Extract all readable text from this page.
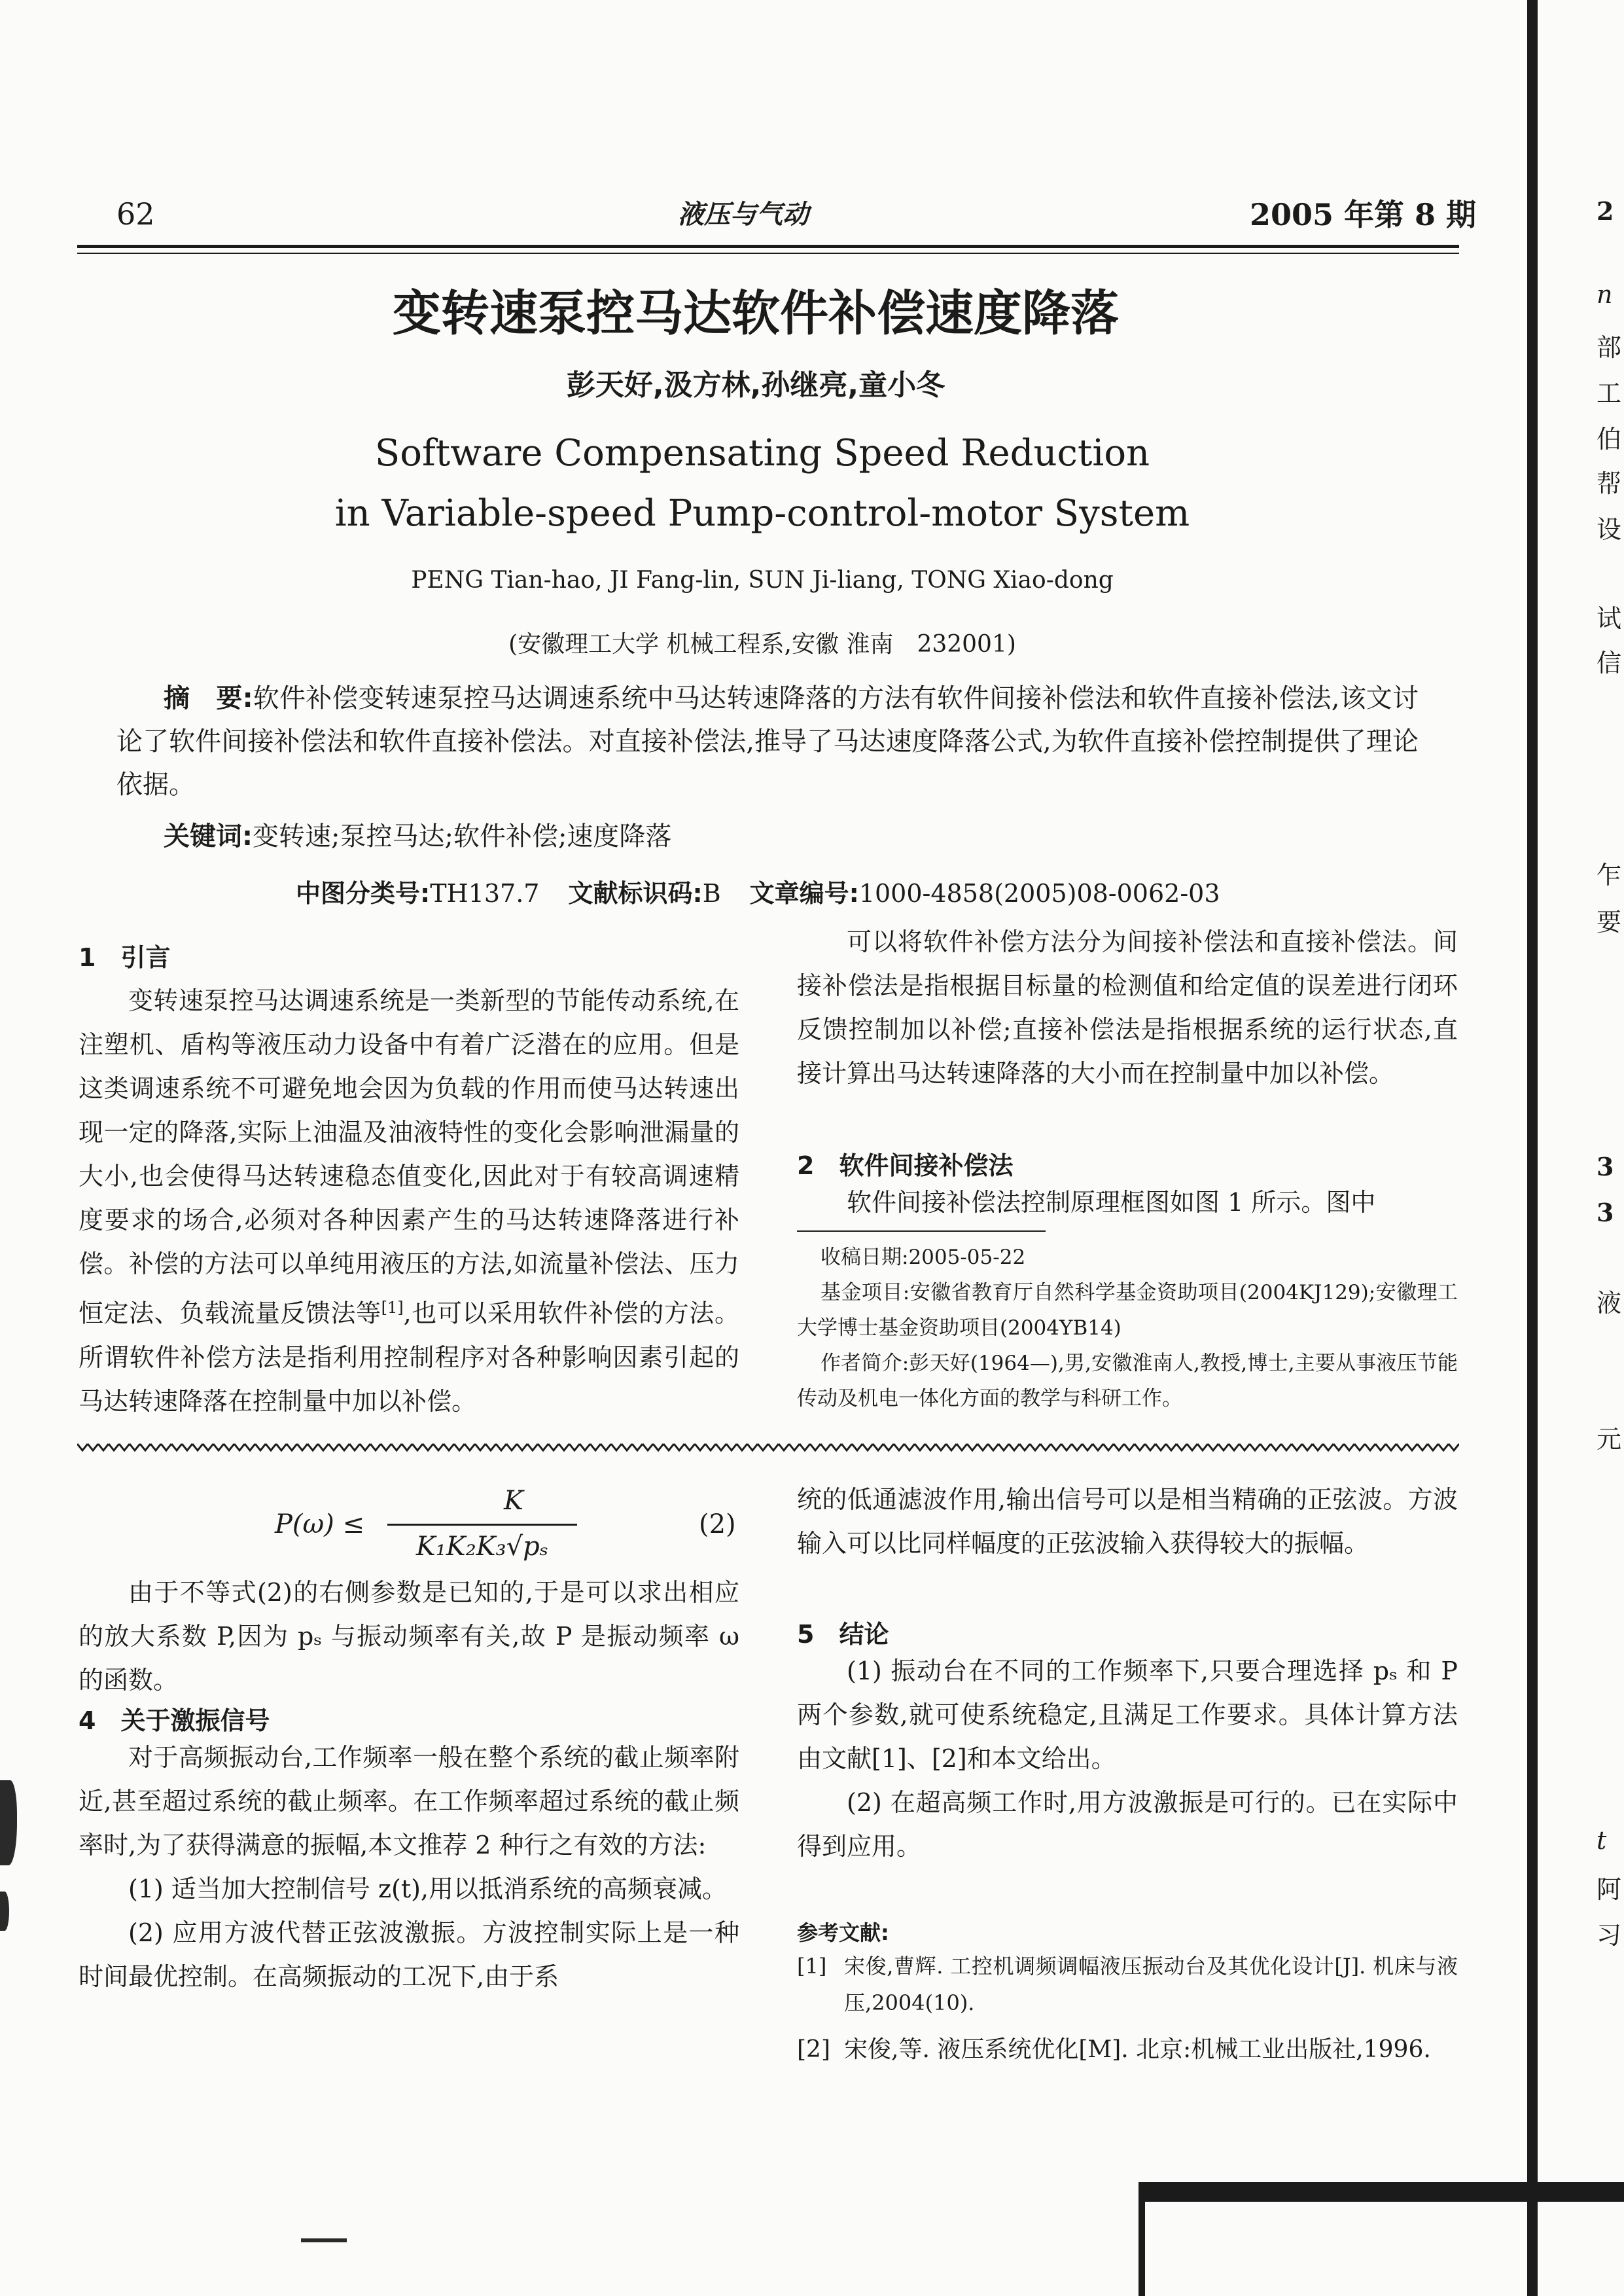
62	液压与气动	2005 年第 8 期
变转速泵控马达软件补偿速度降落
彭天好,汲方林,孙继亮,童小冬
Software Compensating Speed Reduction
in Variable-speed Pump-control-motor System
PENG Tian-hao, JI Fang-lin, SUN Ji-liang, TONG Xiao-dong
(安徽理工大学 机械工程系,安徽 淮南　232001)

摘　要:软件补偿变转速泵控马达调速系统中马达转速降落的方法有软件间接补偿法和软件直接补偿法,该文讨论了软件间接补偿法和软件直接补偿法。对直接补偿法,推导了马达速度降落公式,为软件直接补偿控制提供了理论依据。

关键词:变转速;泵控马达;软件补偿;速度降落
中图分类号:TH137.7 文献标识码:B 文章编号:1000-4858(2005)08-0062-03
1　引言

变转速泵控马达调速系统是一类新型的节能传动系统,在注塑机、盾构等液压动力设备中有着广泛潜在的应用。但是这类调速系统不可避免地会因为负载的作用而使马达转速出现一定的降落,实际上油温及油液特性的变化会影响泄漏量的大小,也会使得马达转速稳态值变化,因此对于有较高调速精度要求的场合,必须对各种因素产生的马达转速降落进行补偿。补偿的方法可以单纯用液压的方法,如流量补偿法、压力恒定法、负载流量反馈法等[1],也可以采用软件补偿的方法。所谓软件补偿方法是指利用控制程序对各种影响因素引起的马达转速降落在控制量中加以补偿。

可以将软件补偿方法分为间接补偿法和直接补偿法。间接补偿法是指根据目标量的检测值和给定值的误差进行闭环反馈控制加以补偿;直接补偿法是指根据系统的运行状态,直接计算出马达转速降落的大小而在控制量中加以补偿。

2　软件间接补偿法

软件间接补偿法控制原理框图如图 1 所示。图中

收稿日期:2005-05-22
基金项目:安徽省教育厅自然科学基金资助项目(2004KJ129);安徽理工大学博士基金资助项目(2004YB14)
作者简介:彭天好(1964—),男,安徽淮南人,教授,博士,主要从事液压节能传动及机电一体化方面的教学与科研工作。
P(ω) ≤
K
K₁K₂K₃√pₛ
(2)

由于不等式(2)的右侧参数是已知的,于是可以求出相应的放大系数 P,因为 pₛ 与振动频率有关,故 P 是振动频率 ω 的函数。

4　关于激振信号

对于高频振动台,工作频率一般在整个系统的截止频率附近,甚至超过系统的截止频率。在工作频率超过系统的截止频率时,为了获得满意的振幅,本文推荐 2 种行之有效的方法:

(1) 适当加大控制信号 z(t),用以抵消系统的高频衰减。

(2) 应用方波代替正弦波激振。方波控制实际上是一种时间最优控制。在高频振动的工况下,由于系

统的低通滤波作用,输出信号可以是相当精确的正弦波。方波输入可以比同样幅度的正弦波输入获得较大的振幅。

5　结论

(1) 振动台在不同的工作频率下,只要合理选择 pₛ 和 P 两个参数,就可使系统稳定,且满足工作要求。具体计算方法由文献[1]、[2]和本文给出。

(2) 在超高频工作时,用方波激振是可行的。已在实际中得到应用。

参考文献:
[1] 宋俊,曹辉. 工控机调频调幅液压振动台及其优化设计[J]. 机床与液压,2004(10).
[2] 宋俊,等. 液压系统优化[M]. 北京:机械工业出版社,1996.
2
n
部
工
伯
帮
设
试
信
乍
要
3
3
液
元
t
阿
习
